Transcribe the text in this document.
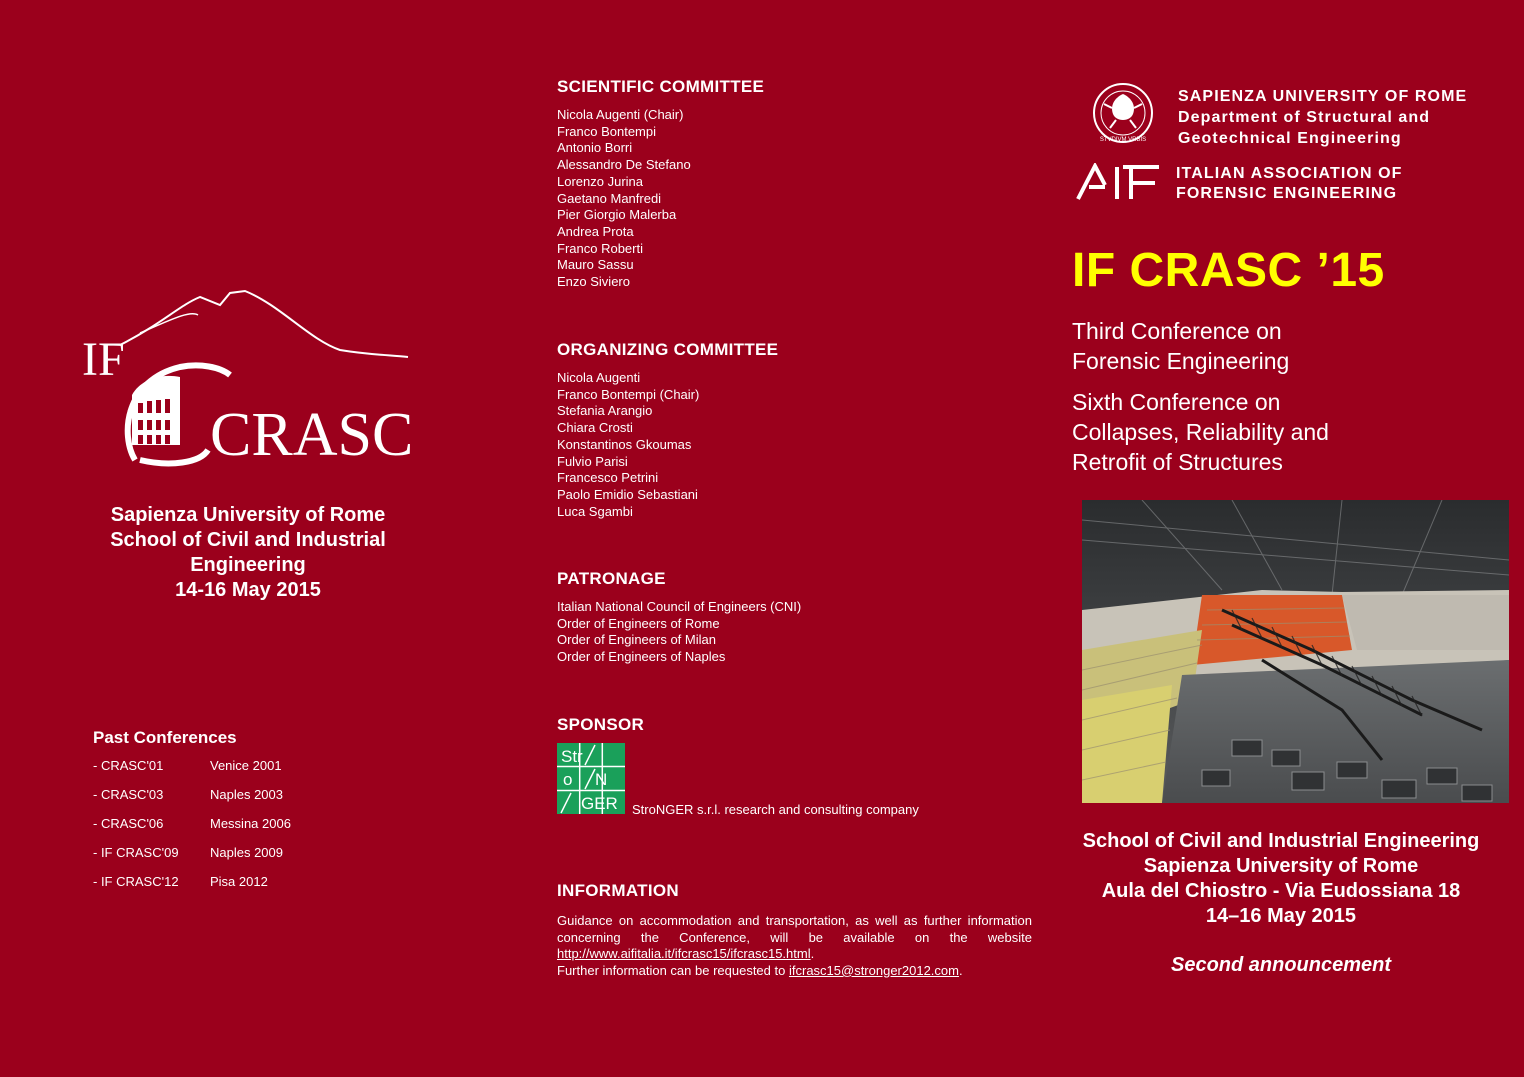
IF
CRASC
Sapienza University of Rome
School of Civil and Industrial
Engineering
14-16 May 2015
Past Conferences
- CRASC'01	Venice 2001
- CRASC'03	Naples 2003
- CRASC'06	Messina 2006
- IF CRASC'09	Naples 2009
- IF CRASC'12	Pisa 2012
SCIENTIFIC COMMITTEE
Nicola Augenti (Chair)
Franco Bontempi
Antonio Borri
Alessandro De Stefano
Lorenzo Jurina
Gaetano Manfredi
Pier Giorgio Malerba
Andrea Prota
Franco Roberti
Mauro Sassu
Enzo Siviero
ORGANIZING COMMITTEE
Nicola Augenti
Franco Bontempi (Chair)
Stefania Arangio
Chiara Crosti
Konstantinos Gkoumas
Fulvio Parisi
Francesco Petrini
Paolo Emidio Sebastiani
Luca Sgambi
PATRONAGE
Italian National Council of Engineers (CNI)
Order of Engineers of Rome
Order of Engineers of Milan
Order of Engineers of Naples
SPONSOR
Str
o N
GER StroNGER s.r.l. research and consulting company
INFORMATION
Guidance on accommodation and transportation, as well as further information concerning the Conference, will be available on the website http://www.aifitalia.it/ifcrasc15/ifcrasc15.html.
Further information can be requested to ifcrasc15@stronger2012.com.
STVDIVM VRBIS
SAPIENZA UNIVERSITY OF ROME
Department of Structural and
Geotechnical Engineering
AIF
ITALIAN ASSOCIATION OF
FORENSIC ENGINEERING
IF CRASC ’15
Third Conference on
Forensic Engineering
Sixth Conference on
Collapses, Reliability and
Retrofit of Structures
School of Civil and Industrial Engineering
Sapienza University of Rome
Aula del Chiostro - Via Eudossiana 18
14–16 May 2015
Second announcement
